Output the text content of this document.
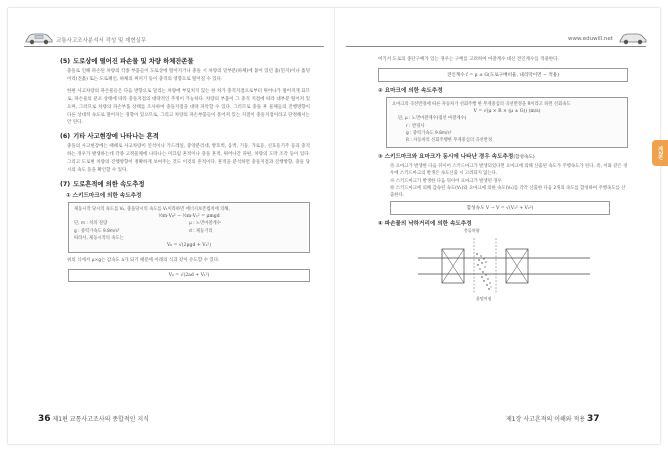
교통사고조사분석서 작성 및 재현실무	www.eduwill.net
제2편
(5) 도로상에 떨어진 파손물 및 차량 하체잔존물
충돌로 인해 파손된 차량의 각종 부품들이 도로상에 떨어지거나 충돌 시 차량의 밑부분(하체)에 붙어 있던 흙(먼지)이나 흙덩어리(진흙) 또는 도로패인, 하체의 찌꺼기 등이 충격의 영향으로 떨어질 수 있다.
한편 사고차량의 파손물들은 다음 방향으로 달리는 차량에 부딪치지 않는 한 차가 충격지점으로부터 튀어나가 떨어지게 되므로, 파손물의 분포 상태에 따라 충돌지점의 대략적인 추정이 가능하다. 차량의 부품이 그 충격 지점에 따라 대부분 떨어져 있으며, 그러므로 차량의 파손부품 상태를 조사하여 충돌지점을 대략 파악할 수 있다. 그러므로 충돌 후 물체들의 진행방향이 다른 상대적 속도로 떨어지는 경향이 있으므로, 그리고 차량의 파손부품들이 흩어져 있는 지점이 충돌지점이라고 단정해서는 안 된다.
(6) 기타 사고현장에 나타나는 흔적
충돌의 사고현장에는 때때로 사고차량이 연석이나 가드레일, 중앙분리대, 방호벽, 옹벽, 기둥, 가로등, 신호등기주 등과 충격하는 경우가 발생하는데 각종 고정물체에 나타나는 미끄럼 흔적이나 충돌 흔적, 튀어나간 파편, 차량의 도막 조각 등이 있다. 그리고 도로변 차량의 진행방향이 정확하게 보여주는 것도 이것의 흔적이다. 흔적을 분석하면 충돌지점과 진행방향, 충돌 당시의 속도 등을 확인할 수 있다.
(7) 도로흔적에 의한 속도추정
① 스키드마크에 의한 속도추정
제동시작 당시의 속도를 V₀, 충돌당시의 속도를 V₁이라하면 에너지보존법칙에 의해,
½m·V₀² − ½m·V₁² = μmgd
단, m : 차의 질량	μ : 노면마찰계수
g : 중력가속도 9.8m/s²	d : 제동거리
따라서, 제동시작의 속도는
V₀ = √(2μgd + V₁²)
위의 식에서 μ×g는 감속도 a가 되기 때문에 아래의 식과 같이 유도할 수 있다.
V₀ = √(2ad + V₁²)
여기서 도로의 종단구배가 있는 경우는 구배를 고려하여 마찰계수 대신 견인계수를 적용한다.
견인계수 f = μ ± G(도로구배비율, 내리막이면 − 적용)
② 요마크에 의한 속도추정
요마크의 곡선반경에 따른 자동차가 선회주행 한 무게중심의 곡선반경을 R이라고 하면 선회속도
V = √(μ × R × (μ ± G)) (m/s)
단, μ : 노면마찰계수(접선 마찰계수)
r : 반경사
g : 중력가속도 9.8m/s²
R : 자동차의 선회주행한 무게중심의 곡선반경
③ 스키드마크와 요마크가 동시에 나타난 경우 속도추정(합성속도)
㉮ 요마크가 발생한 다음 뒤이어 스키드마크가 발생되었다면 요마크에 의해 산출된 속도가 주행속도가 된다. 즉, 이와 같은 경우에 스키드마크의 발생은 속도산출 시 고려되지 않는다.
㉯ 스키드마크가 발생한 다음 뒤이어 요마크가 발생된 경우
㉰ 스키드마크에 의해 감속된 속도(V₁)와 요마크에 의한 속도(V₂)를 각각 산출한 다음 2개의 속도를 합성하여 주행속도를 산출한다.
합성속도 V → V = √(V₁² + V₂²)
④ 파손물의 낙하거리에 의한 속도추정
충돌차량
흙떨어짐
36 제1편 교통사고조사의 종합적인 지식	제1장 사고흔적의 이해와 적용 37
